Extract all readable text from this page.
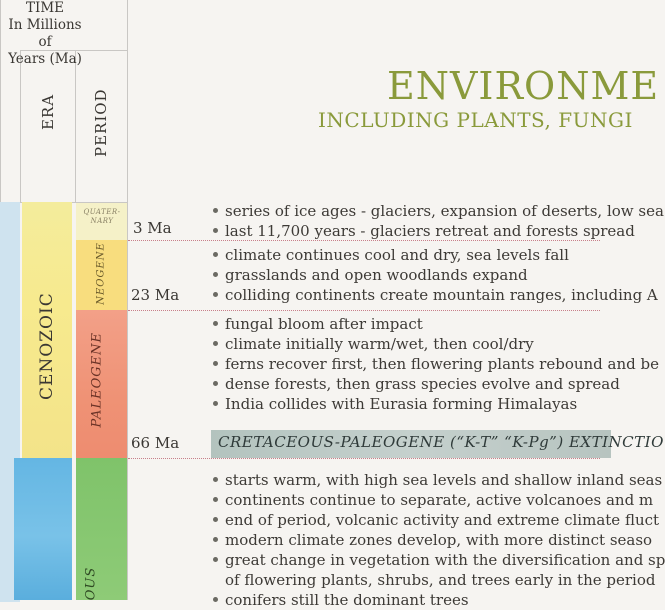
TIME
In Millions of
Years (Ma)
ERA PERIOD
CENOZOIC
QUATER-NARY
NEOGENE
PALEOGENE
OUS
3 Ma
23 Ma
66 Ma
ENVIRONME
INCLUDING PLANTS, FUNGI
series of ice ages - glaciers, expansion of deserts, low sea
last 11,700 years - glaciers retreat and forests spread
climate continues cool and dry, sea levels fall
grasslands and open woodlands expand
colliding continents create mountain ranges, including A
fungal bloom after impact
climate initially warm/wet, then cool/dry
ferns recover first, then flowering plants rebound and be
dense forests, then grass species evolve and spread
India collides with Eurasia forming Himalayas
CRETACEOUS-PALEOGENE (“K-T” “K-Pg”) EXTINCTIO
starts warm, with high sea levels and shallow inland seas
continents continue to separate, active volcanoes and m
end of period, volcanic activity and extreme climate fluct
modern climate zones develop, with more distinct seaso
great change in vegetation with the diversification and sp
of flowering plants, shrubs, and trees early in the period
conifers still the dominant trees
